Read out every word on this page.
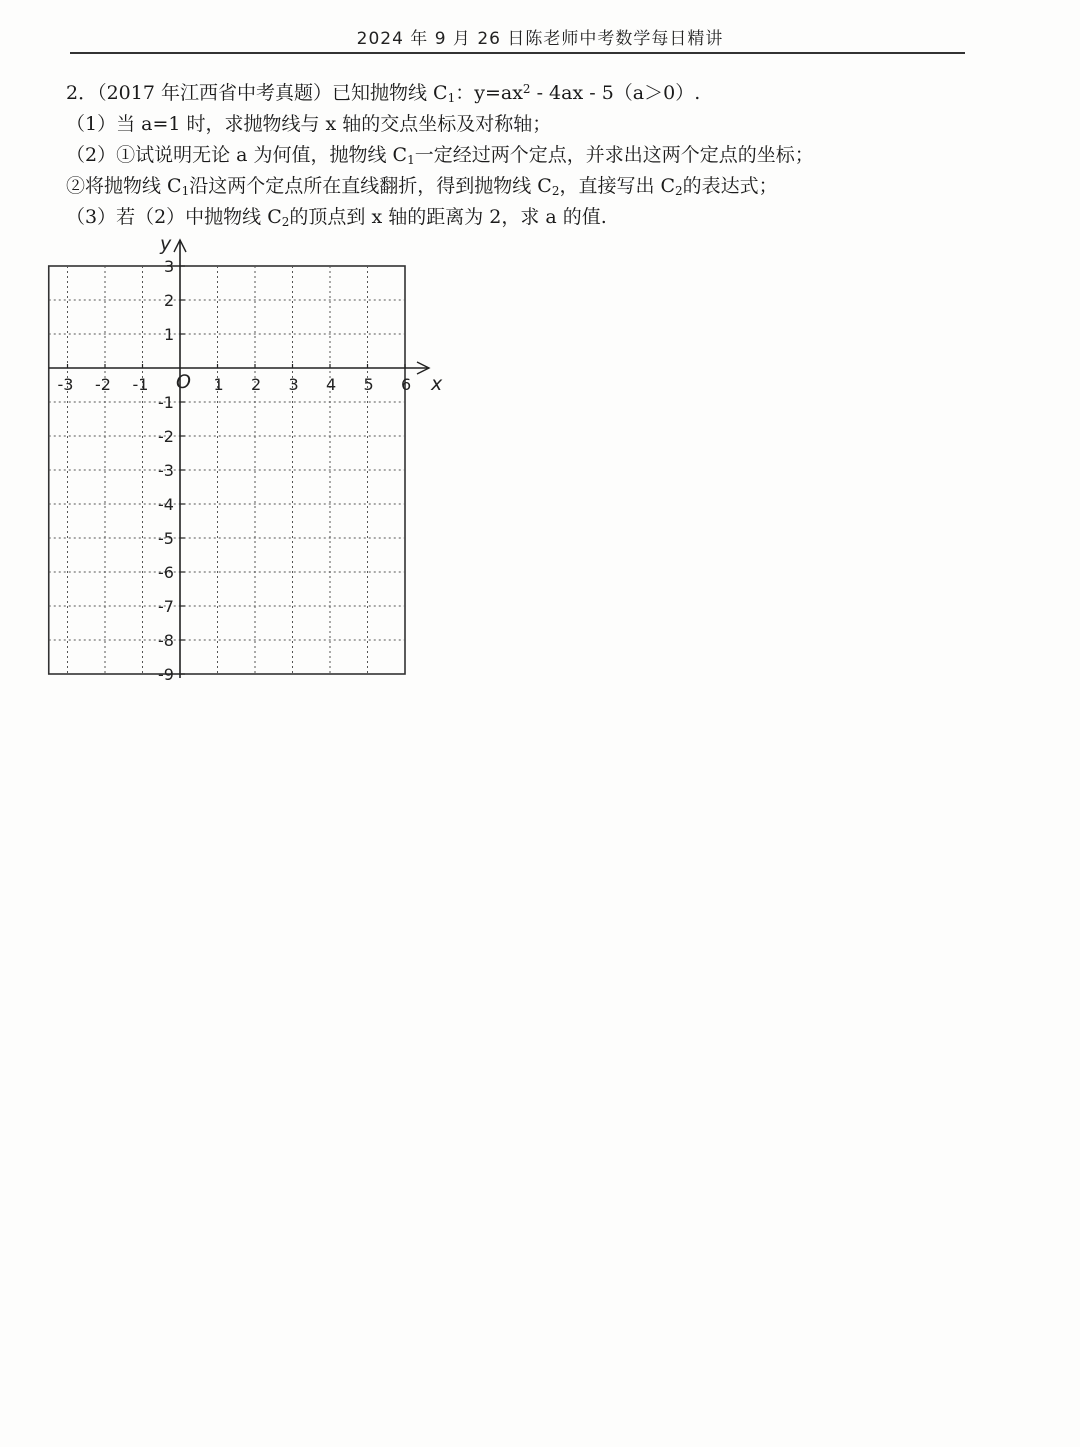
2024 年 9 月 26 日陈老师中考数学每日精讲
2．（2017 年江西省中考真题）已知抛物线 $C_1$：$y=ax^2 - 4ax - 5(a>0)$.
（1）当 a=1 时，求抛物线与 x 轴的交点坐标及对称轴；
（2）①试说明无论 a 为何值，抛物线 $C_1$一定经过两个定点，并求出这两个定点的坐标；
②将抛物线 $C_1$沿这两个定点所在直线翻折，得到抛物线 $C_2$，直接写出 $C_2$的表达式；
（3）若（2）中抛物线 $C_2$的顶点到 x 轴的距离为 2，求 a 的值.
x
y
O
-3 -2 -1	1 2 3 4 5 6
3
2
1
-1
-2
-3
-4
-5
-6
-7
-8
-9
